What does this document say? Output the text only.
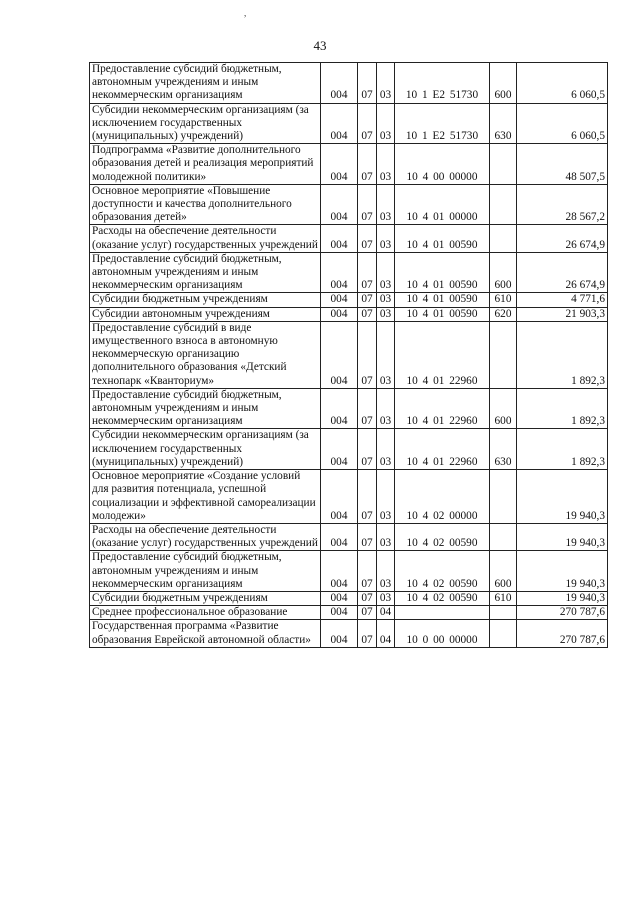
,
43
Предоставление субсидий бюджетным, автономным учреждениям и иным некоммерческим организациям	004	07	03	10 1 E2 51730	600	6 060,5
Субсидии некоммерческим организациям (за исключением государственных (муниципальных) учреждений)	004	07	03	10 1 E2 51730	630	6 060,5
Подпрограмма «Развитие дополнительного образования детей и реализация мероприятий молодежной политики»	004	07	03	10 4 00 00000		48 507,5
Основное мероприятие «Повышение доступности и качества дополнительного образования детей»	004	07	03	10 4 01 00000		28 567,2
Расходы на обеспечение деятельности (оказание услуг) государственных учреждений	004	07	03	10 4 01 00590		26 674,9
Предоставление субсидий бюджетным, автономным учреждениям и иным некоммерческим организациям	004	07	03	10 4 01 00590	600	26 674,9
Субсидии бюджетным учреждениям	004	07	03	10 4 01 00590	610	4 771,6
Субсидии автономным учреждениям	004	07	03	10 4 01 00590	620	21 903,3
Предоставление субсидий в виде имущественного взноса в автономную некоммерческую организацию дополнительного образования «Детский технопарк «Кванториум»	004	07	03	10 4 01 22960		1 892,3
Предоставление субсидий бюджетным, автономным учреждениям и иным некоммерческим организациям	004	07	03	10 4 01 22960	600	1 892,3
Субсидии некоммерческим организациям (за исключением государственных (муниципальных) учреждений)	004	07	03	10 4 01 22960	630	1 892,3
Основное мероприятие «Создание условий для развития потенциала, успешной социализации и эффективной самореализации молодежи»	004	07	03	10 4 02 00000		19 940,3
Расходы на обеспечение деятельности (оказание услуг) государственных учреждений	004	07	03	10 4 02 00590		19 940,3
Предоставление субсидий бюджетным, автономным учреждениям и иным некоммерческим организациям	004	07	03	10 4 02 00590	600	19 940,3
Субсидии бюджетным учреждениям	004	07	03	10 4 02 00590	610	19 940,3
Среднее профессиональное образование	004	07	04			270 787,6
Государственная программа «Развитие образования Еврейской автономной области»	004	07	04	10 0 00 00000		270 787,6
